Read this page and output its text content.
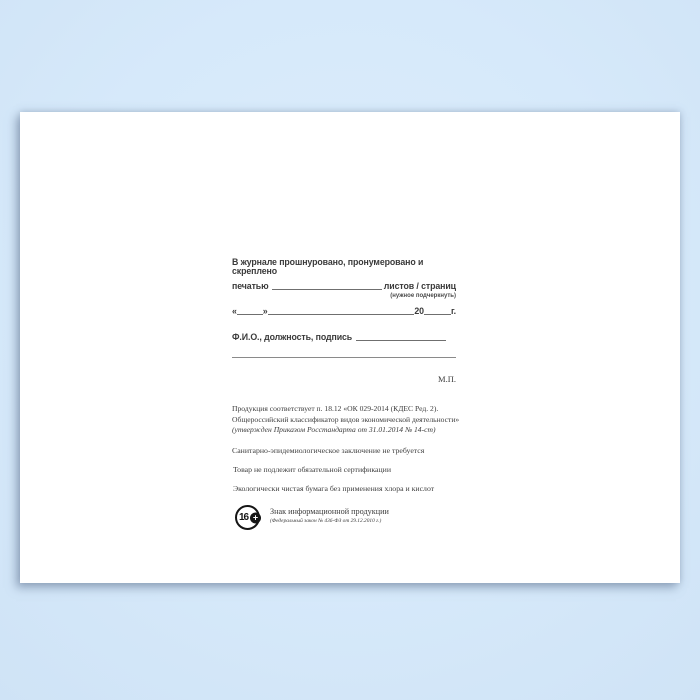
В журнале прошнуровано, пронумеровано и скреплено
печатью	листов / страниц
(нужное подчеркнуть)
«	»	20	г.
Ф.И.О., должность, подпись
М.П.
Продукция соответствует п. 18.12 «ОК 029-2014 (КДЕС Ред. 2).
Общероссийский классификатор видов экономической деятельности»
(утвержден Приказом Росстандарта от 31.01.2014 № 14-ст)
Санитарно-эпидемиологическое заключение не требуется
Товар не подлежит обязательной сертификации
Экологически чистая бумага без применения хлора и кислот
16 +
Знак информационной продукции
(Федеральный закон № 436-ФЗ от 29.12.2010 г.)
